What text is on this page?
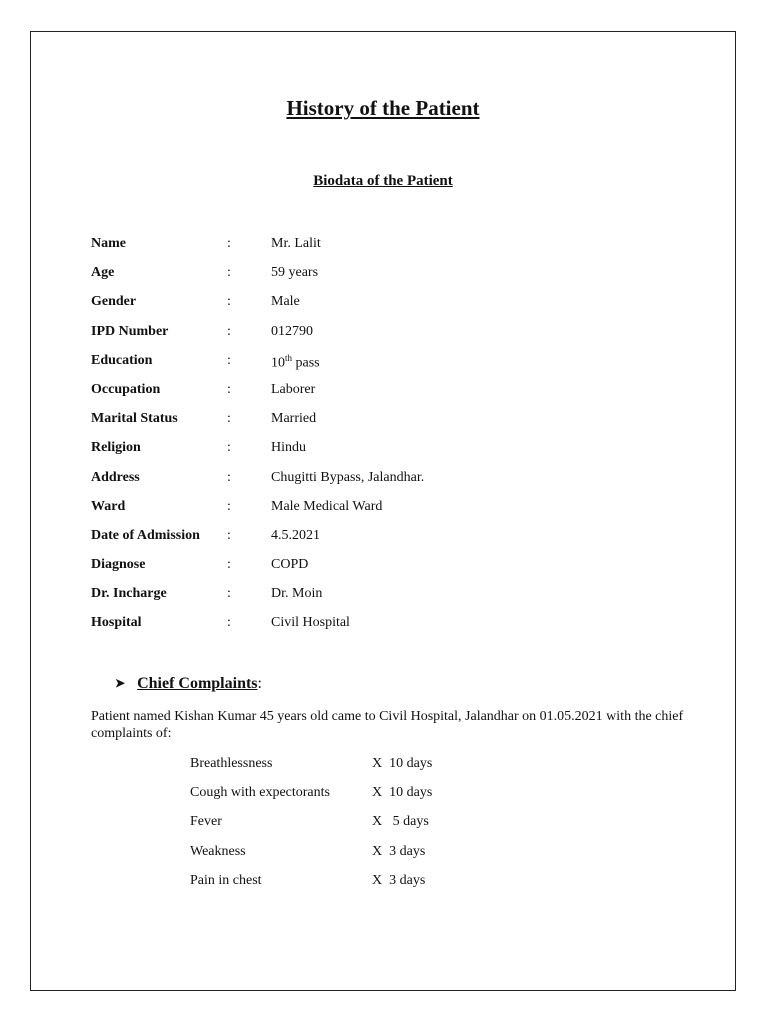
History of the Patient
Biodata of the Patient
Name	:	Mr. Lalit
Age	:	59 years
Gender	:	Male
IPD Number	:	012790
Education	:	10th pass
Occupation	:	Laborer
Marital Status	:	Married
Religion	:	Hindu
Address	:	Chugitti Bypass, Jalandhar.
Ward	:	Male Medical Ward
Date of Admission :	4.5.2021
Diagnose	:	COPD
Dr. Incharge	:	Dr. Moin
Hospital	:	Civil Hospital
➤ Chief Complaints:
Patient named Kishan Kumar 45 years old came to Civil Hospital, Jalandhar on 01.05.2021 with the chief complaints of:
Breathlessness	X  10 days
Cough with expectorants	X  10 days
Fever	X   5 days
Weakness	X  3 days
Pain in chest	X  3 days
